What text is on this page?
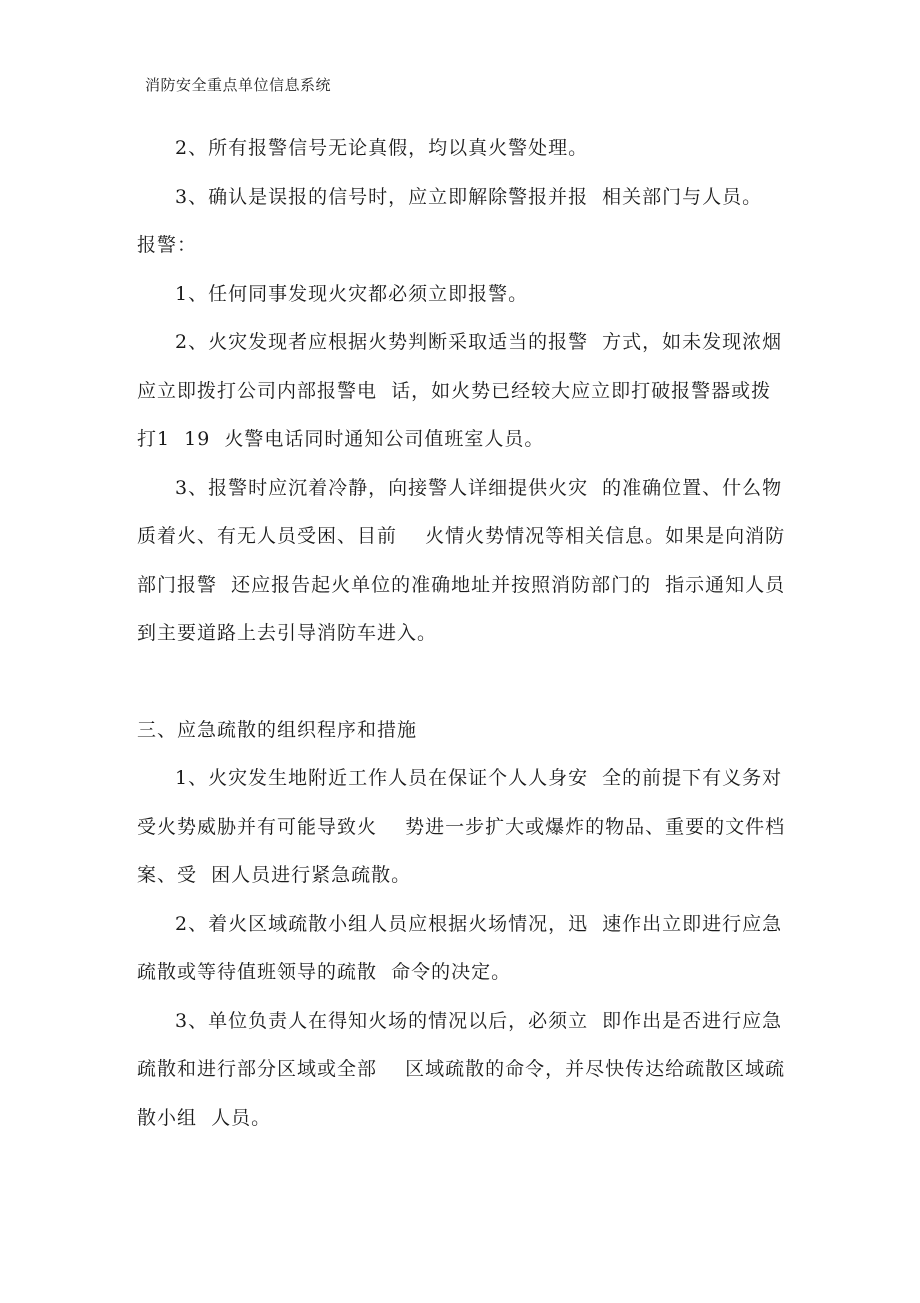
消防安全重点单位信息系统

2、所有报警信号无论真假，均以真火警处理。

3、确认是误报的信号时，应立即解除警报并报  相关部门与人员。

报警：

1、任何同事发现火灾都必须立即报警。

2、火灾发现者应根据火势判断采取适当的报警  方式，如未发现浓烟应立即拨打公司内部报警电  话，如火势已经较大应立即打破报警器或拨打1  19  火警电话同时通知公司值班室人员。

3、报警时应沉着冷静，向接警人详细提供火灾  的准确位置、什么物质着火、有无人员受困、目前    火情火势情况等相关信息。如果是向消防部门报警  还应报告起火单位的准确地址并按照消防部门的  指示通知人员到主要道路上去引导消防车进入。

三、应急疏散的组织程序和措施

1、火灾发生地附近工作人员在保证个人人身安  全的前提下有义务对受火势威胁并有可能导致火    势进一步扩大或爆炸的物品、重要的文件档案、受  困人员进行紧急疏散。

2、着火区域疏散小组人员应根据火场情况，迅  速作出立即进行应急疏散或等待值班领导的疏散  命令的决定。

3、单位负责人在得知火场的情况以后，必须立  即作出是否进行应急疏散和进行部分区域或全部    区域疏散的命令，并尽快传达给疏散区域疏散小组  人员。
